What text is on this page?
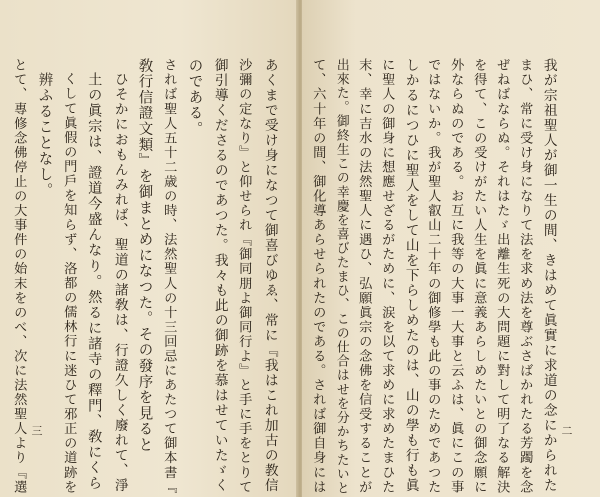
あくまで受け身になつて御喜びゆゑ、常に『我はこれ加古の教信
沙彌の定なり』と仰せられ『御同朋よ御同行よ』と手に手をとりて
御引導くださるのであつた。我々も此の御跡を慕はせていたゞく
のである。
されば聖人五十二歳の時、法然聖人の十三回忌にあたつて御本書『
敎行信證文類』を御まとめになつた。その發序を見ると
ひそかにおもんみれば、聖道の諸敎は、行證久しく廢れて、淨
土の眞宗は、證道今盛んなり。然るに諸寺の釋門、敎にくら
くして眞假の門戶を知らず、洛都の儒林行に迷ひて邪正の道跡を
辨ふることなし。
とて、專修念佛停止の大事件の始末をのべ、次に法然聖人より『選	我が宗祖聖人が御一生の間、きはめて眞實に求道の念にかられた
まひ、常に受け身になりて法を求め法を尊ぶさばかれたる芳躅を念
ぜねばならぬ。それはたゞ出離生死の大問題に對して明了なる解決
を得て、この受けがたい人生を眞に意義あらしめたいとの御念願に
外ならぬのである。お互に我等の大事一大事と云ふは、眞にこの事
ではないか。我が聖人叡山二十年の御修學も此の事のためであつた
しかるにつひに聖人をして山を下らしめたのは、山の學も行も眞
に聖人の御身に想應せざるがために、涙を以て求めに求めたまひた
末、幸に吉水の法然聖人に遇ひ、弘願眞宗の念佛を信受することが
出來た。御終生この幸慶を喜びたまひ、この仕合はせを分かちたいと
て、六十年の間、御化導あらせられたのである。されば御自身には
三	二
